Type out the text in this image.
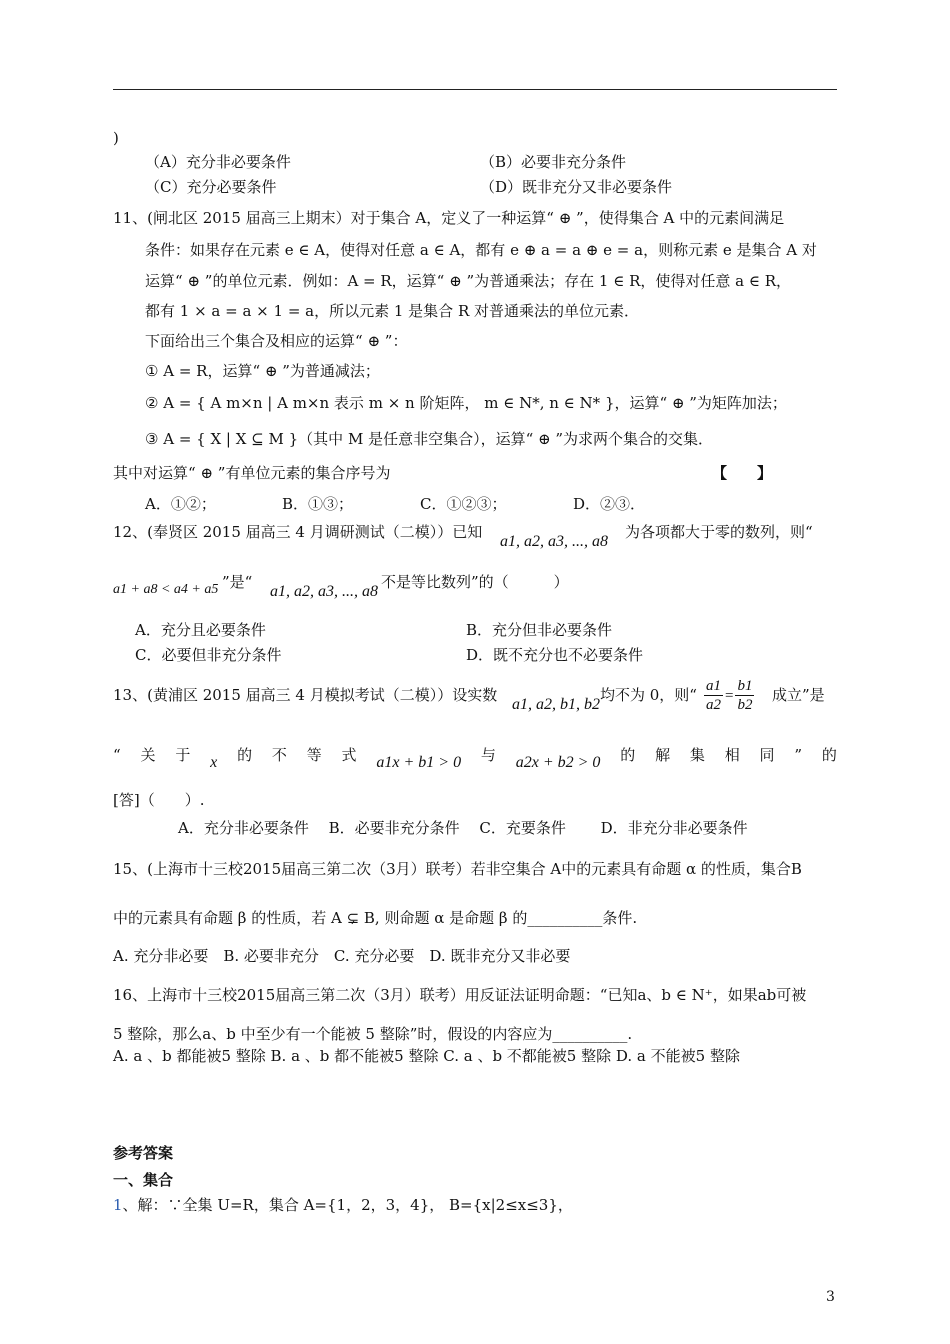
)
（A）充分非必要条件	（B）必要非充分条件
（C）充分必要条件	（D）既非充分又非必要条件
11、(闸北区 2015 届高三上期末）对于集合 A，定义了一种运算“ ⊕ ”，使得集合 A 中的元素间满足
条件：如果存在元素 e ∈ A，使得对任意 a ∈ A，都有 e ⊕ a = a ⊕ e = a，则称元素 e 是集合 A 对
运算“ ⊕ ”的单位元素．例如：A = R，运算“ ⊕ ”为普通乘法；存在 1 ∈ R，使得对任意 a ∈ R，
都有 1 × a = a × 1 = a，所以元素 1 是集合 R 对普通乘法的单位元素．
下面给出三个集合及相应的运算“ ⊕ ”：
① A = R，运算“ ⊕ ”为普通减法；
② A = { A m×n | A m×n 表示 m × n 阶矩阵， m ∈ N*, n ∈ N* }，运算“ ⊕ ”为矩阵加法；
③ A = { X | X ⊆ M }（其中 M 是任意非空集合），运算“ ⊕ ”为求两个集合的交集．
其中对运算“ ⊕ ”有单位元素的集合序号为	【　　】
A．①②；	B．①③；	C．①②③；	D．②③．
12、(奉贤区 2015 届高三 4 月调研测试（二模））已知
a1, a2, a3, ..., a8
为各项都大于零的数列，则“
a1 + a8 < a4 + a5 ”是“
a1, a2, a3, ..., a8
不是等比数列”的（　　　）
A．充分且必要条件	B．充分但非必要条件
C．必要但非充分条件	D．既不充分也不必要条件
13、(黄浦区 2015 届高三 4 月模拟考试（二模））设实数
a1, a2, b1, b2
均不为 0，则“ $\frac{a1}{a2} = \frac{b1}{b2}$ 成立”是
“ 关 于 x 的 不 等 式 a1x + b1 > 0 与 a2x + b2 > 0 的 解 集 相 同 ” 的
[答]（　　）.
A．充分非必要条件　 B．必要非充分条件 　C．充要条件　　 D．非充分非必要条件
15、(上海市十三校2015届高三第二次（3月）联考）若非空集合 A中的元素具有命题 α 的性质，集合B
中的元素具有命题 β 的性质，若 A ⊊ B, 则命题 α 是命题 β 的__________条件.
A. 充分非必要　B. 必要非充分　C. 充分必要　D. 既非充分又非必要
16、上海市十三校2015届高三第二次（3月）联考）用反证法证明命题：“已知a、b ∈ N⁺，如果ab可被
5 整除，那么a、b 中至少有一个能被 5 整除”时，假设的内容应为__________.
A. a 、b 都能被5 整除 B. a 、b 都不能被5 整除 C. a 、b 不都能被5 整除 D. a 不能被5 整除
参考答案
一、集合
1、解：∵全集 U=R，集合 A={1，2，3，4}， B={x|2≤x≤3}，
3
